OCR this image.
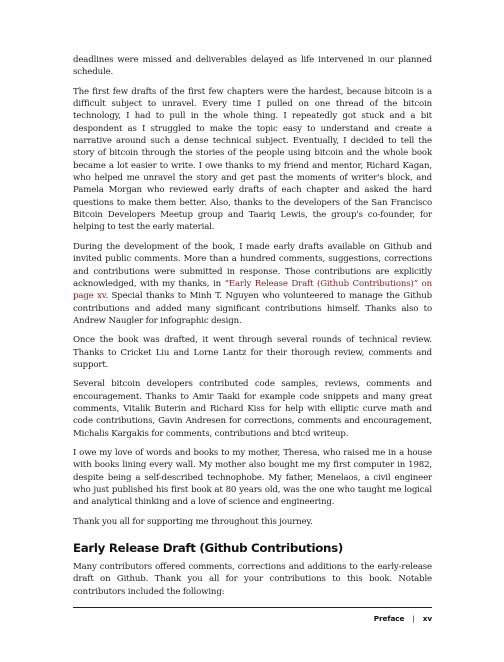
deadlines were missed and deliverables delayed as life intervened in our planned schedule.

The first few drafts of the first few chapters were the hardest, because bitcoin is a difficult subject to unravel. Every time I pulled on one thread of the bitcoin technology, I had to pull in the whole thing. I repeatedly got stuck and a bit despondent as I struggled to make the topic easy to understand and create a narrative around such a dense technical subject. Eventually, I decided to tell the story of bitcoin through the stories of the people using bitcoin and the whole book became a lot easier to write. I owe thanks to my friend and mentor, Richard Kagan, who helped me unravel the story and get past the moments of writer's block, and Pamela Morgan who reviewed early drafts of each chapter and asked the hard questions to make them better. Also, thanks to the developers of the San Francisco Bitcoin Developers Meetup group and Taariq Lewis, the group's co-founder, for helping to test the early material.

During the development of the book, I made early drafts available on Github and invited public comments. More than a hundred comments, suggestions, corrections and contributions were submitted in response. Those contributions are explicitly acknowledged, with my thanks, in “Early Release Draft (Github Contributions)” on page xv. Special thanks to Minh T. Nguyen who volunteered to manage the Github contributions and added many significant contributions himself. Thanks also to Andrew Naugler for infographic design.

Once the book was drafted, it went through several rounds of technical review. Thanks to Cricket Liu and Lorne Lantz for their thorough review, comments and support.

Several bitcoin developers contributed code samples, reviews, comments and encouragement. Thanks to Amir Taaki for example code snippets and many great comments, Vitalik Buterin and Richard Kiss for help with elliptic curve math and code contributions, Gavin Andresen for corrections, comments and encouragement, Michalis Kargakis for comments, contributions and btcd writeup.

I owe my love of words and books to my mother, Theresa, who raised me in a house with books lining every wall. My mother also bought me my first computer in 1982, despite being a self-described technophobe. My father, Menelaos, a civil engineer who just published his first book at 80 years old, was the one who taught me logical and analytical thinking and a love of science and engineering.

Thank you all for supporting me throughout this journey.

Early Release Draft (Github Contributions)

Many contributors offered comments, corrections and additions to the early-release draft on Github. Thank you all for your contributions to this book. Notable contributors included the following:

Preface | xv
